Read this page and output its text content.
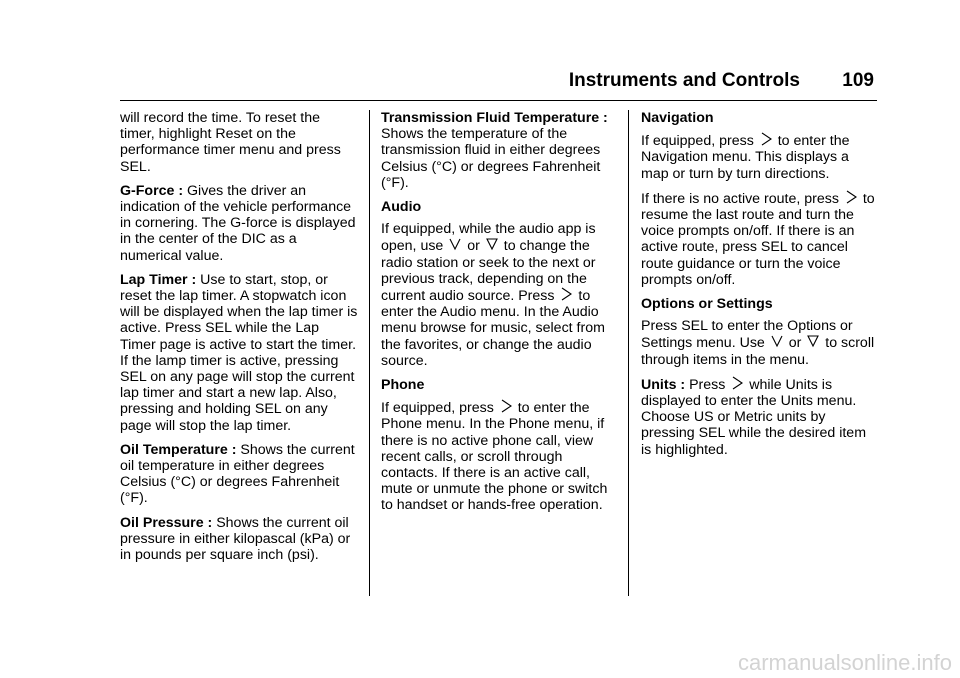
Instruments and Controls 109

will record the time. To reset the timer, highlight Reset on the performance timer menu and press SEL.

G-Force : Gives the driver an indication of the vehicle performance in cornering. The G-force is displayed in the center of the DIC as a numerical value.

Lap Timer : Use to start, stop, or reset the lap timer. A stopwatch icon will be displayed when the lap timer is active. Press SEL while the Lap Timer page is active to start the timer. If the lamp timer is active, pressing SEL on any page will stop the current lap timer and start a new lap. Also, pressing and holding SEL on any page will stop the lap timer.

Oil Temperature : Shows the current oil temperature in either degrees Celsius (°C) or degrees Fahrenheit (°F).

Oil Pressure : Shows the current oil pressure in either kilopascal (kPa) or in pounds per square inch (psi).

Transmission Fluid Temperature : Shows the temperature of the transmission fluid in either degrees Celsius (°C) or degrees Fahrenheit (°F).

Audio

If equipped, while the audio app is open, use or to change the radio station or seek to the next or previous track, depending on the current audio source. Press to enter the Audio menu. In the Audio menu browse for music, select from the favorites, or change the audio source.

Phone

If equipped, press to enter the Phone menu. In the Phone menu, if there is no active phone call, view recent calls, or scroll through contacts. If there is an active call, mute or unmute the phone or switch to handset or hands-free operation.

Navigation

If equipped, press to enter the Navigation menu. This displays a map or turn by turn directions.

If there is no active route, press to resume the last route and turn the voice prompts on/off. If there is an active route, press SEL to cancel route guidance or turn the voice prompts on/off.

Options or Settings

Press SEL to enter the Options or Settings menu. Use or to scroll through items in the menu.

Units : Press while Units is displayed to enter the Units menu. Choose US or Metric units by pressing SEL while the desired item is highlighted.

carmanualsonline.info
